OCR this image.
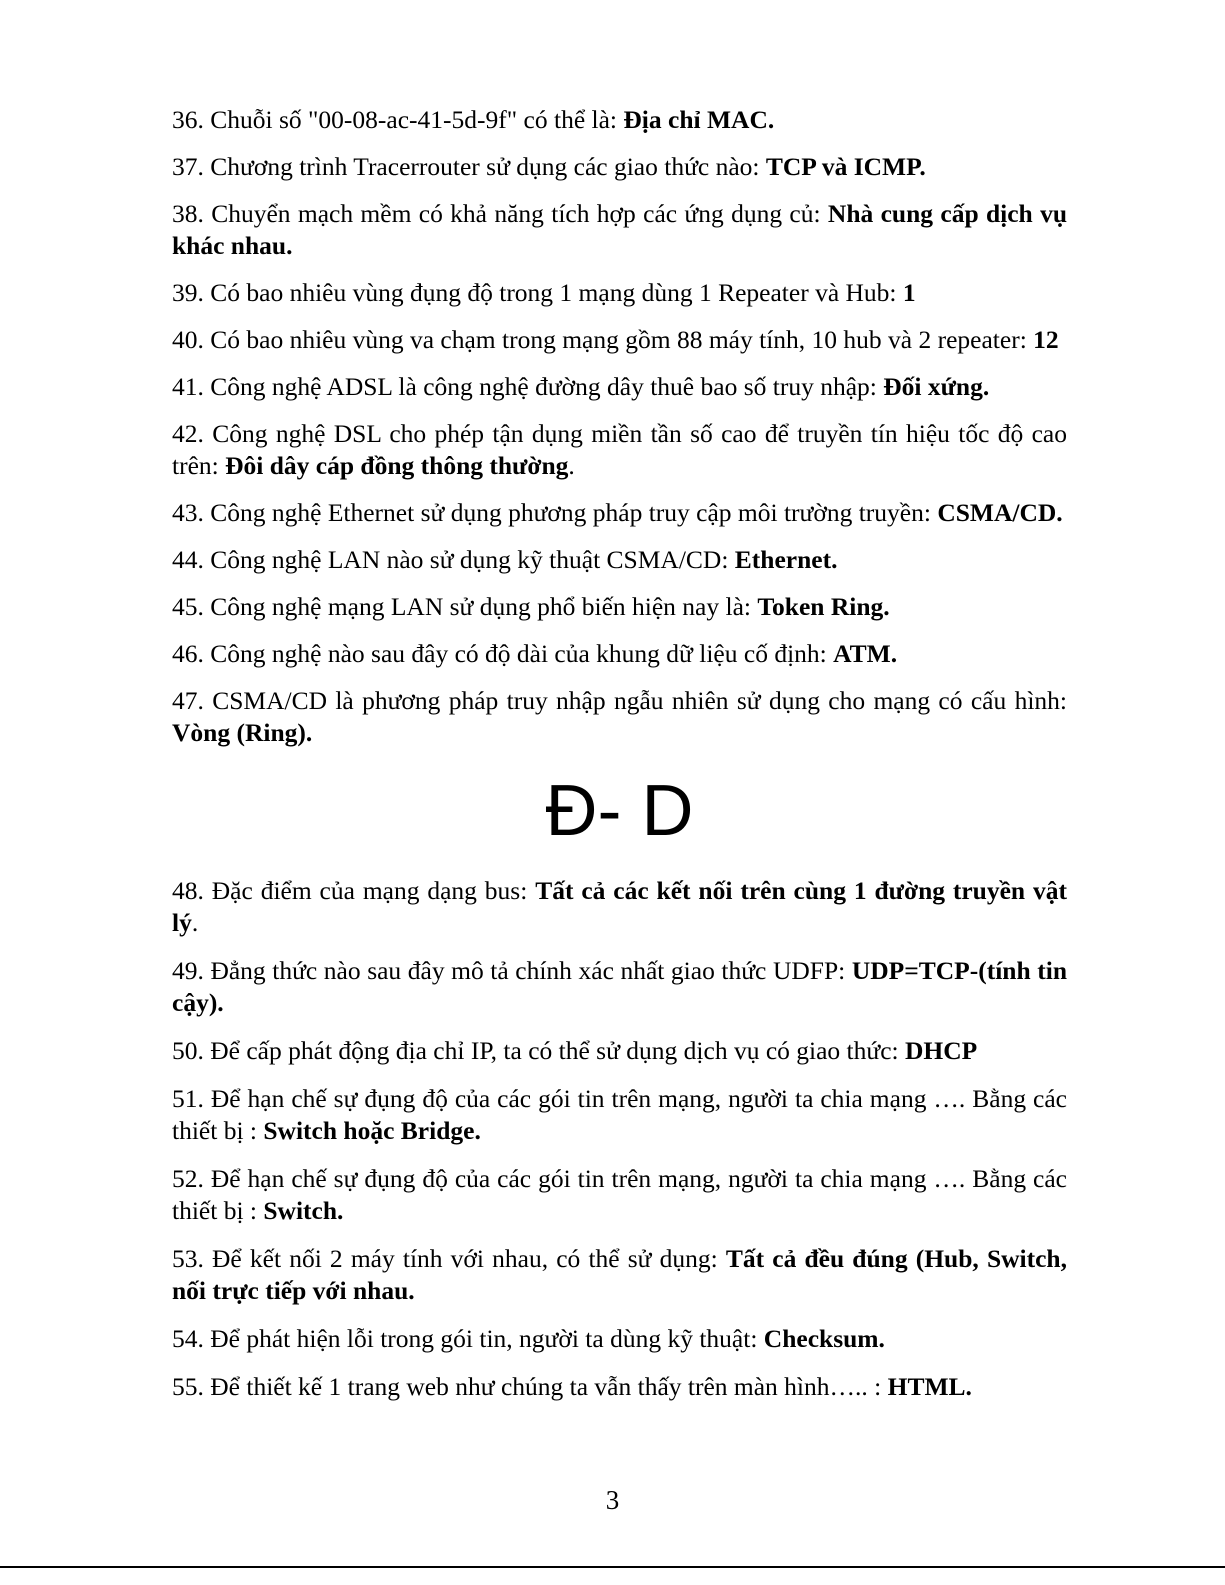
36. Chuỗi số "00-08-ac-41-5d-9f" có thể là: Địa chỉ MAC.

37. Chương trình Tracerrouter sử dụng các giao thức nào: TCP và ICMP.

38. Chuyển mạch mềm có khả năng tích hợp các ứng dụng củ: Nhà cung cấp dịch vụ khác nhau.

39. Có bao nhiêu vùng đụng độ trong 1 mạng dùng 1 Repeater và Hub: 1

40. Có bao nhiêu vùng va chạm trong mạng gồm 88 máy tính, 10 hub và 2 repeater: 12

41. Công nghệ ADSL là công nghệ đường dây thuê bao số truy nhập: Đối xứng.

42. Công nghệ DSL cho phép tận dụng miền tần số cao để truyền tín hiệu tốc độ cao trên: Đôi dây cáp đồng thông thường.

43. Công nghệ Ethernet sử dụng phương pháp truy cập môi trường truyền: CSMA/CD.

44. Công nghệ LAN nào sử dụng kỹ thuật CSMA/CD: Ethernet.

45. Công nghệ mạng LAN sử dụng phổ biến hiện nay là: Token Ring.

46. Công nghệ nào sau đây có độ dài của khung dữ liệu cố định: ATM.

47. CSMA/CD là phương pháp truy nhập ngẫu nhiên sử dụng cho mạng có cấu hình: Vòng (Ring).

Đ- D

48. Đặc điểm của mạng dạng bus: Tất cả các kết nối trên cùng 1 đường truyền vật lý.

49. Đẳng thức nào sau đây mô tả chính xác nhất giao thức UDFP: UDP=TCP-(tính tin cậy).

50. Để cấp phát động địa chỉ IP, ta có thể sử dụng dịch vụ có giao thức: DHCP

51. Để hạn chế sự đụng độ của các gói tin trên mạng, người ta chia mạng …. Bằng các thiết bị : Switch hoặc Bridge.

52. Để hạn chế sự đụng độ của các gói tin trên mạng, người ta chia mạng …. Bằng các thiết bị : Switch.

53. Để kết nối 2 máy tính với nhau, có thể sử dụng: Tất cả đều đúng (Hub, Switch, nối trực tiếp với nhau.

54. Để phát hiện lỗi trong gói tin, người ta dùng kỹ thuật: Checksum.

55. Để thiết kế 1 trang web như chúng ta vẫn thấy trên màn hình….. : HTML.

3
